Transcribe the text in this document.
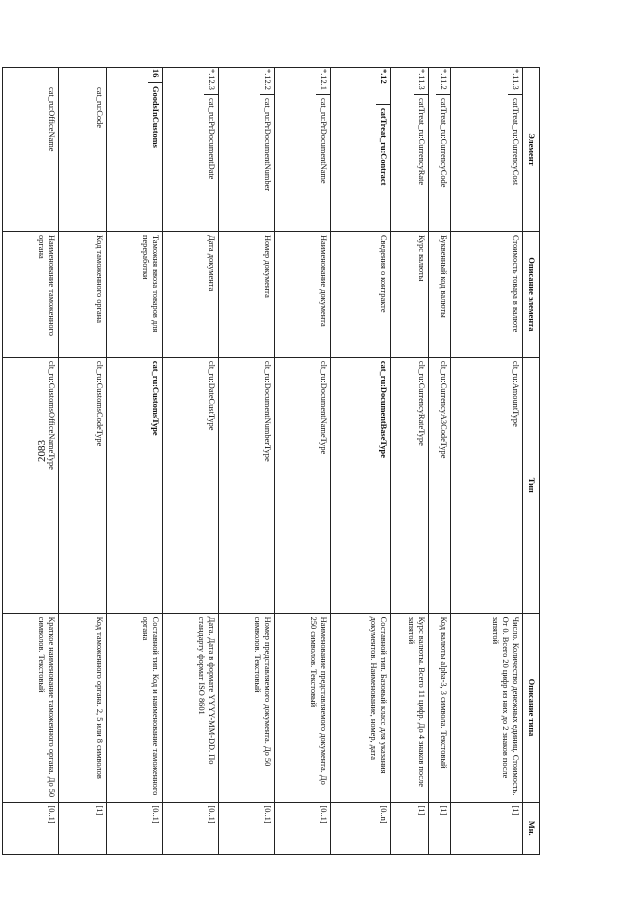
2083
Элемент	Описание элемента	Тип	Описание типа	Мн.

*.11.3
catTreat_ru:CurrencyCost	Стоимость товара в валюте	clt_ru:AmountType	Число. Количество денежных единиц. Стоимость. От 0. Всего 20 цифр из них до 2 знаков после запятой	[1]

*.11.2
catTreat_ru:CurrencyCode	Буквенный код валюты	clt_ru:CurrencyA3CodeType	Код валюты alpha-3, 3 символа. Текстовый	[1]

*.11.3
catTreat_ru:CurrencyRate	Курс валюты	clt_ru:CurrencyRateType	Курс валюты. Всего 11 цифр. До 4 знаков после запятой	[1]

*.12
catTreat_ru:Contract	Сведения о контракте	cat_ru:DocumentBaseType	Составной тип. Базовый класс для указания документов. Наименование, номер, дата	[0..n]

*.12.1
cat_ru:PrDocumentName	Наименование документа	clt_ru:DocumentNameType	Наименование представляемого документа. До 250 символов. Текстовый	[0..1]

*.12.2
cat_ru:PrDocumentNumber	Номер документа	clt_ru:DocumentNumberType	Номер представляемого документа. До 50 символов. Текстовый	[0..1]

*.12.3
cat_ru:PrDocumentDate	Дата документа	clt_ru:DateCustType	Дата. Дата в формате YYYY-MM-DD. По стандарту формат ISO 8601	[0..1]

16
GoodsInCustoms	Таможня ввоза товаров для переработки	cat_ru:CustomsType	Составной тип. Код и наименование таможенного органа	[0..1]

cat_ru:Code	Код таможенного органа	clt_ru:CustomsCodeType	Код таможенного органа. 2, 5 или 8 символов	[1]

cat_ru:OfficeName	Наименование таможенного органа	clt_ru:CustomsOfficeNameType	Краткое наименование таможенного органа. До 50 символов. Текстовый	[0..1]
